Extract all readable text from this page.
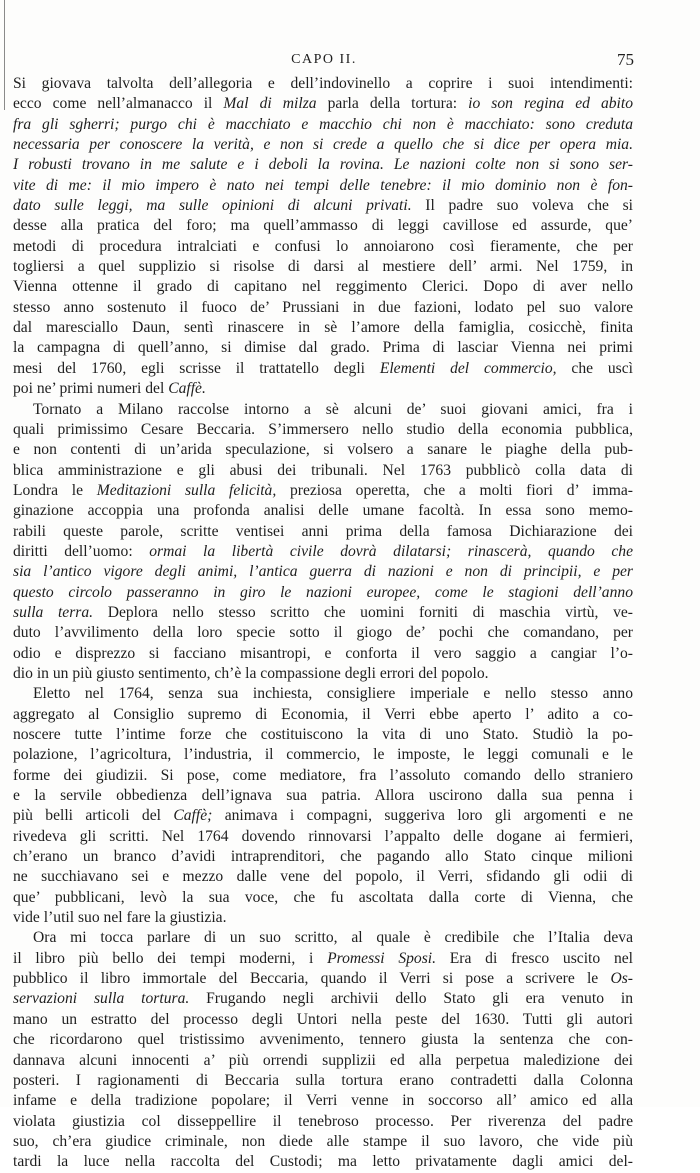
CAPO II.	75
Si giovava talvolta dell’allegoria e dell’indovinello a coprire i suoi intendimenti:
ecco come nell’almanacco il Mal di milza parla della tortura: io son regina ed abito
fra gli sgherri; purgo chi è macchiato e macchio chi non è macchiato: sono creduta
necessaria per conoscere la verità, e non si crede a quello che si dice per opera mia.
I robusti trovano in me salute e i deboli la rovina. Le nazioni colte non si sono ser-
vite di me: il mio impero è nato nei tempi delle tenebre: il mio dominio non è fon-
dato sulle leggi, ma sulle opinioni di alcuni privati. Il padre suo voleva che si
desse alla pratica del foro; ma quell’ammasso di leggi cavillose ed assurde, que’
metodi di procedura intralciati e confusi lo annoiarono così fieramente, che per
togliersi a quel supplizio si risolse di darsi al mestiere dell’ armi. Nel 1759, in
Vienna ottenne il grado di capitano nel reggimento Clerici. Dopo di aver nello
stesso anno sostenuto il fuoco de’ Prussiani in due fazioni, lodato pel suo valore
dal maresciallo Daun, sentì rinascere in sè l’amore della famiglia, cosicchè, finita
la campagna di quell’anno, si dimise dal grado. Prima di lasciar Vienna nei primi
mesi del 1760, egli scrisse il trattatello degli Elementi del commercio, che uscì
poi ne’ primi numeri del Caffè.
Tornato a Milano raccolse intorno a sè alcuni de’ suoi giovani amici, fra i
quali primissimo Cesare Beccaria. S’immersero nello studio della economia pubblica,
e non contenti di un’arida speculazione, si volsero a sanare le piaghe della pub-
blica amministrazione e gli abusi dei tribunali. Nel 1763 pubblicò colla data di
Londra le Meditazioni sulla felicità, preziosa operetta, che a molti fiori d’ imma-
ginazione accoppia una profonda analisi delle umane facoltà. In essa sono memo-
rabili queste parole, scritte ventisei anni prima della famosa Dichiarazione dei
diritti dell’uomo: ormai la libertà civile dovrà dilatarsi; rinascerà, quando che
sia l’antico vigore degli animi, l’antica guerra di nazioni e non di principii, e per
questo circolo passeranno in giro le nazioni europee, come le stagioni dell’anno
sulla terra. Deplora nello stesso scritto che uomini forniti di maschia virtù, ve-
duto l’avvilimento della loro specie sotto il giogo de’ pochi che comandano, per
odio e disprezzo si facciano misantropi, e conforta il vero saggio a cangiar l’o-
dio in un più giusto sentimento, ch’è la compassione degli errori del popolo.
Eletto nel 1764, senza sua inchiesta, consigliere imperiale e nello stesso anno
aggregato al Consiglio supremo di Economia, il Verri ebbe aperto l’ adito a co-
noscere tutte l’intime forze che costituiscono la vita di uno Stato. Studiò la po-
polazione, l’agricoltura, l’industria, il commercio, le imposte, le leggi comunali e le
forme dei giudizii. Si pose, come mediatore, fra l’assoluto comando dello straniero
e la servile obbedienza dell’ignava sua patria. Allora uscirono dalla sua penna i
più belli articoli del Caffè; animava i compagni, suggeriva loro gli argomenti e ne
rivedeva gli scritti. Nel 1764 dovendo rinnovarsi l’appalto delle dogane ai fermieri,
ch’erano un branco d’avidi intraprenditori, che pagando allo Stato cinque milioni
ne succhiavano sei e mezzo dalle vene del popolo, il Verri, sfidando gli odii di
que’ pubblicani, levò la sua voce, che fu ascoltata dalla corte di Vienna, che
vide l’util suo nel fare la giustizia.
Ora mi tocca parlare di un suo scritto, al quale è credibile che l’Italia deva
il libro più bello dei tempi moderni, i Promessi Sposi. Era di fresco uscito nel
pubblico il libro immortale del Beccaria, quando il Verri si pose a scrivere le Os-
servazioni sulla tortura. Frugando negli archivii dello Stato gli era venuto in
mano un estratto del processo degli Untori nella peste del 1630. Tutti gli autori
che ricordarono quel tristissimo avvenimento, tennero giusta la sentenza che con-
dannava alcuni innocenti a’ più orrendi supplizii ed alla perpetua maledizione dei
posteri. I ragionamenti di Beccaria sulla tortura erano contradetti dalla Colonna
infame e della tradizione popolare; il Verri venne in soccorso all’ amico ed alla
violata giustizia col disseppellire il tenebroso processo. Per riverenza del padre
suo, ch’era giudice criminale, non diede alle stampe il suo lavoro, che vide più
tardi la luce nella raccolta del Custodi; ma letto privatamente dagli amici del-
